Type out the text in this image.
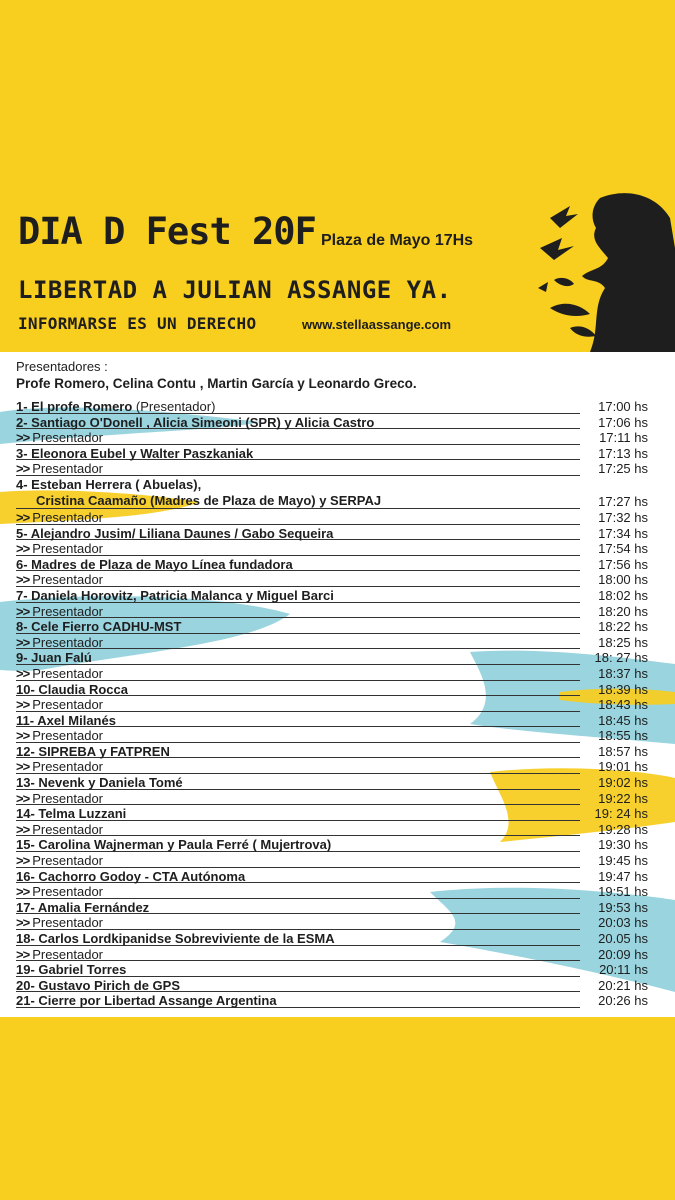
DIA D Fest 20F Plaza de Mayo 17Hs
LIBERTAD A JULIAN ASSANGE YA.
INFORMARSE ES UN DERECHO	www.stellaassange.com
Presentadores :
Profe Romero, Celina Contu , Martin García y Leonardo Greco.
1- El profe Romero (Presentador)	17:00 hs
2- Santiago O'Donell , Alicia Simeoni (SPR) y Alicia Castro	17:06 hs
>> Presentador	17:11 hs
3- Eleonora Eubel y Walter Paszkaniak	17:13 hs
>> Presentador	17:25 hs
4- Esteban Herrera ( Abuelas),
Cristina Caamaño (Madres de Plaza de Mayo) y SERPAJ	17:27 hs
>> Presentador	17:32 hs
5- Alejandro Jusim/ Liliana Daunes / Gabo Sequeira	17:34 hs
>> Presentador	17:54 hs
6- Madres de Plaza de Mayo Línea fundadora	17:56 hs
>> Presentador	18:00 hs
7- Daniela Horovitz, Patricia Malanca y Miguel Barci	18:02 hs
>> Presentador	18:20 hs
8- Cele Fierro CADHU-MST	18:22 hs
>> Presentador	18:25 hs
9- Juan Falú	18: 27 hs
>> Presentador	18:37 hs
10- Claudia Rocca	18:39 hs
>> Presentador	18:43 hs
11- Axel Milanés	18:45 hs
>> Presentador	18:55 hs
12- SIPREBA y FATPREN	18:57 hs
>> Presentador	19:01 hs
13- Nevenk y Daniela Tomé	19:02 hs
>> Presentador	19:22 hs
14- Telma Luzzani	19: 24 hs
>> Presentador	19:28 hs
15- Carolina Wajnerman y Paula Ferré ( Mujertrova)	19:30 hs
>> Presentador	19:45 hs
16- Cachorro Godoy - CTA Autónoma	19:47 hs
>> Presentador	19:51 hs
17- Amalia Fernández	19:53 hs
>> Presentador	20:03 hs
18- Carlos Lordkipanidse Sobreviviente de la ESMA	20.05 hs
>> Presentador	20:09 hs
19- Gabriel Torres	20:11 hs
20- Gustavo Pirich de GPS	20:21 hs
21- Cierre por Libertad Assange Argentina	20:26 hs
